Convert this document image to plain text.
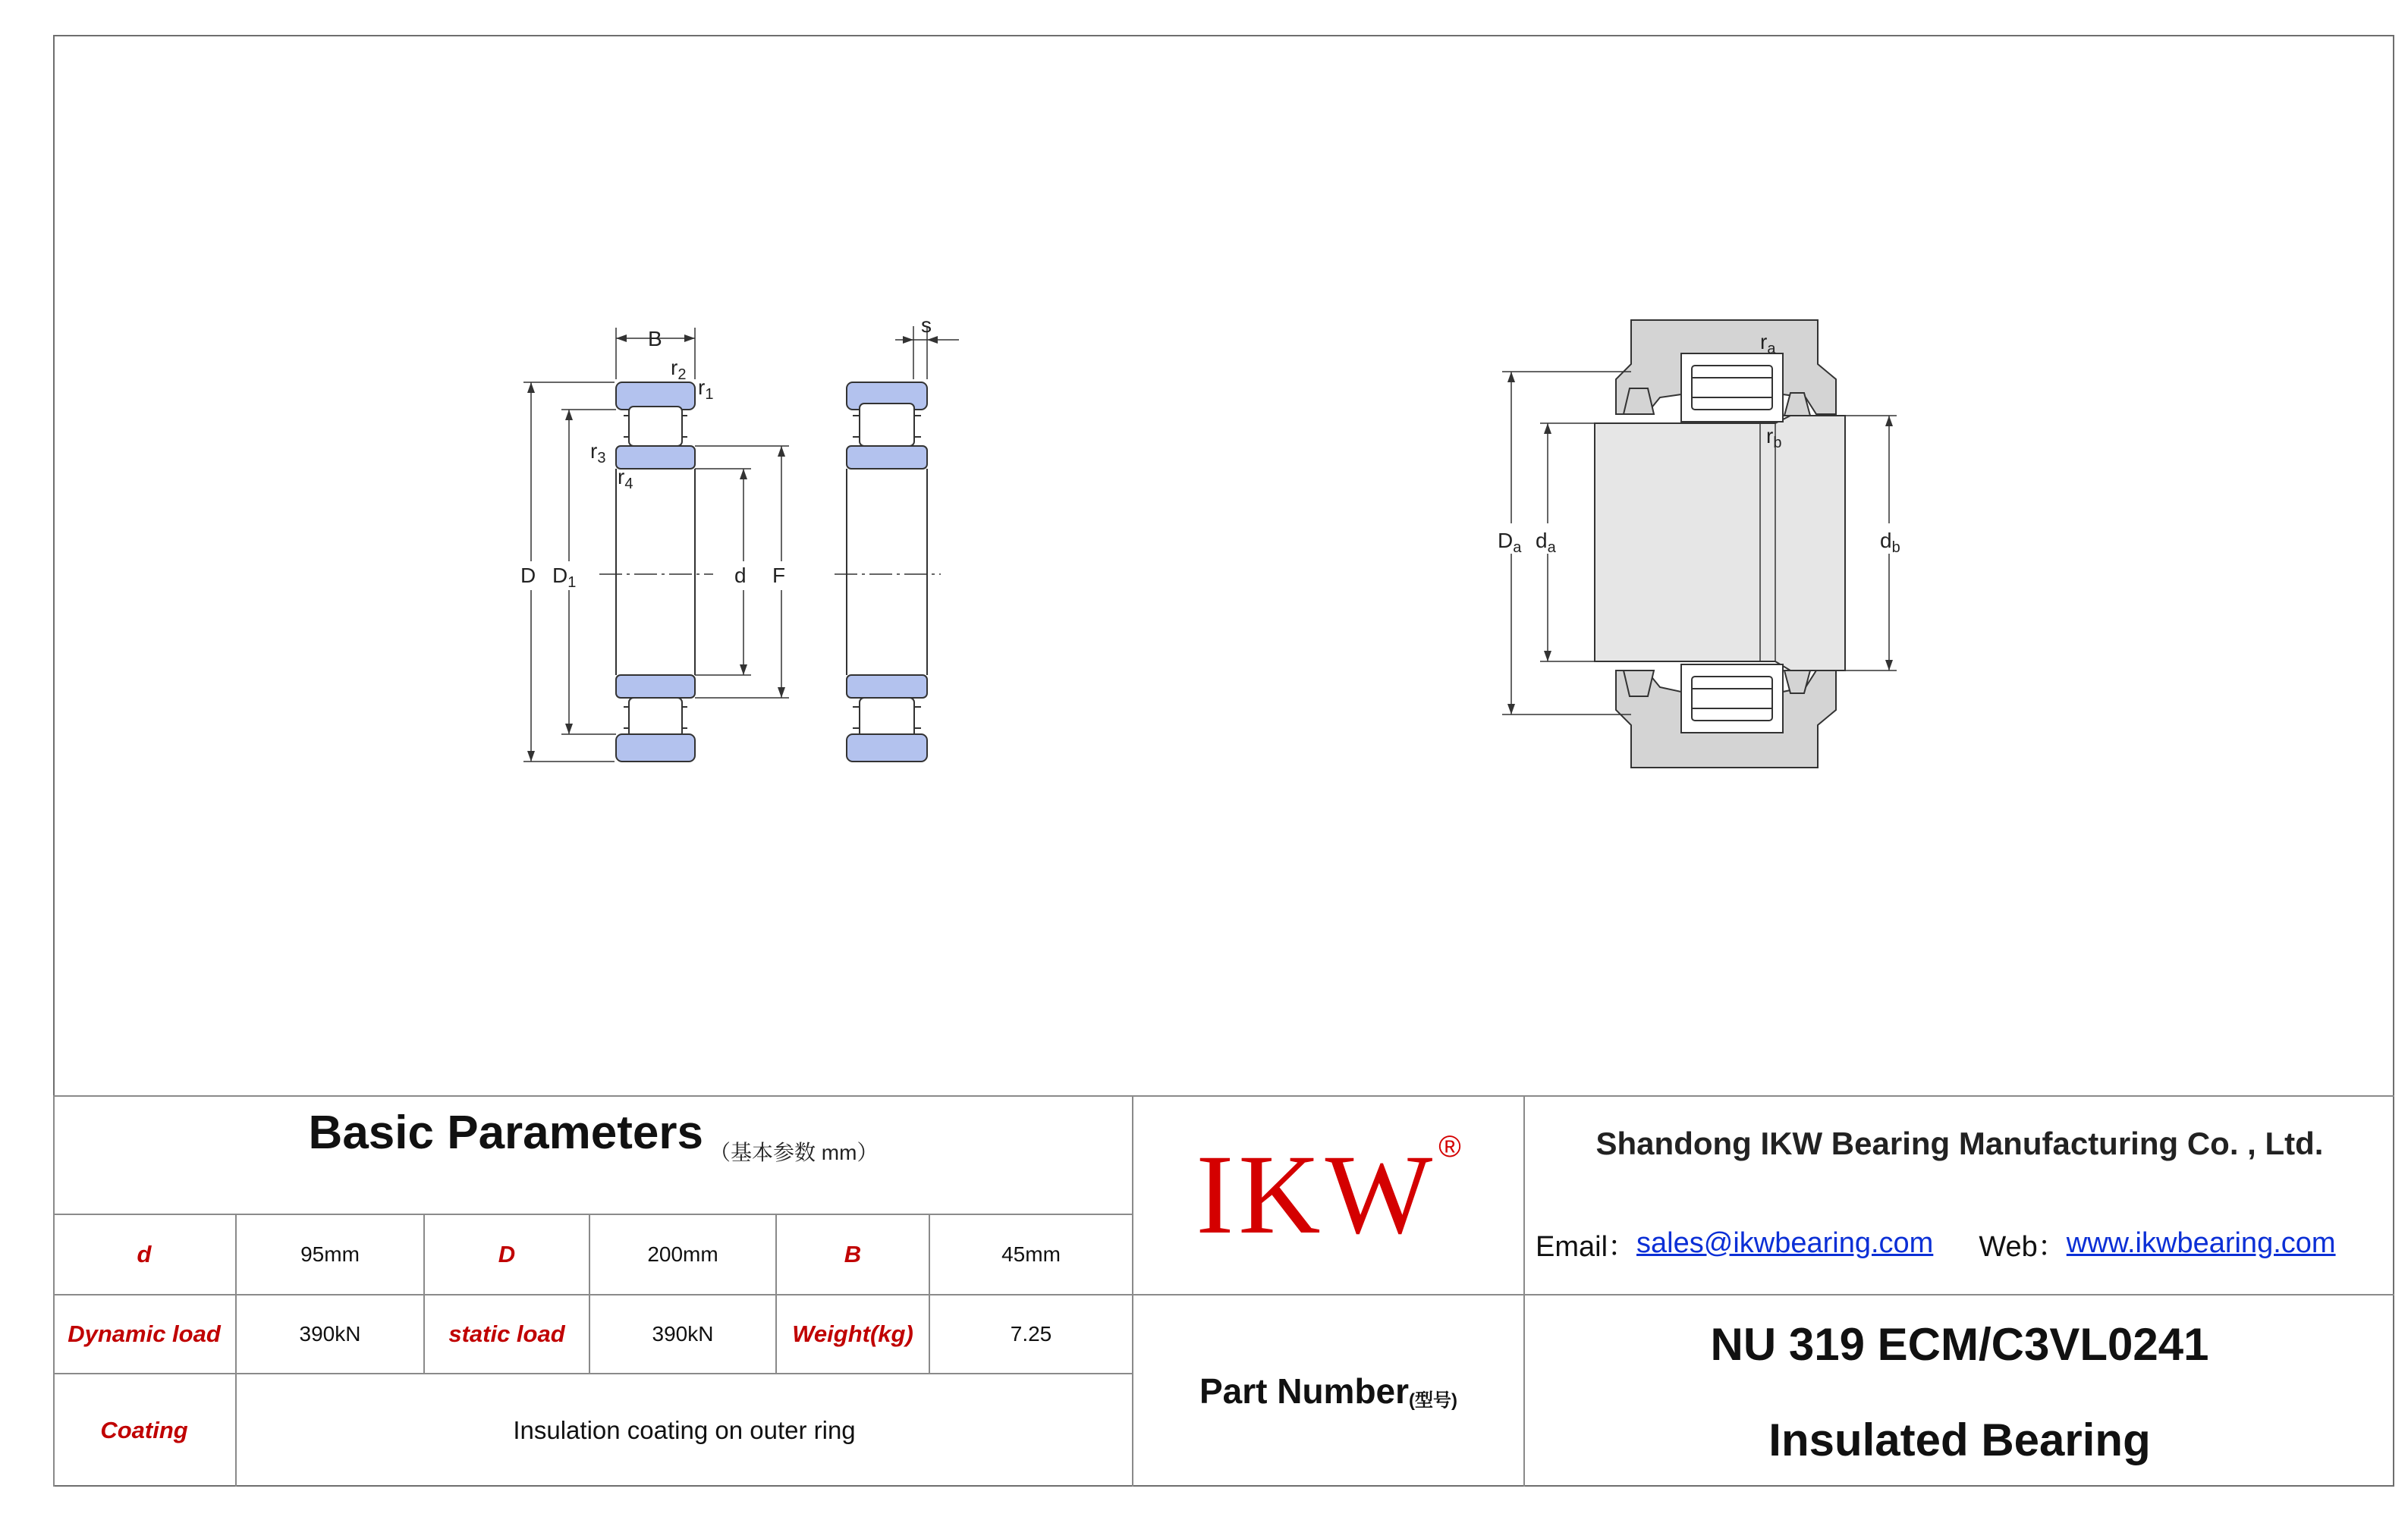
B
$r_2$
$r_1$
$r_3$
$r_4$
D $D_1$	d F
s
$D_a$ $d_a$	$d_b$
$r_a$
$r_b$
Basic Parameters （基本参数 mm）
d	95mm	D	200mm	B	45mm
Dynamic load	390kN	static load	390kN	Weight(kg)	7.25
Coating	Insulation coating on outer ring
IKW ®
Part Number (型号)
Shandong IKW Bearing Manufacturing Co. , Ltd.
Email： sales@ikwbearing.com Web： www.ikwbearing.com
NU 319 ECM/C3VL0241
Insulated Bearing
